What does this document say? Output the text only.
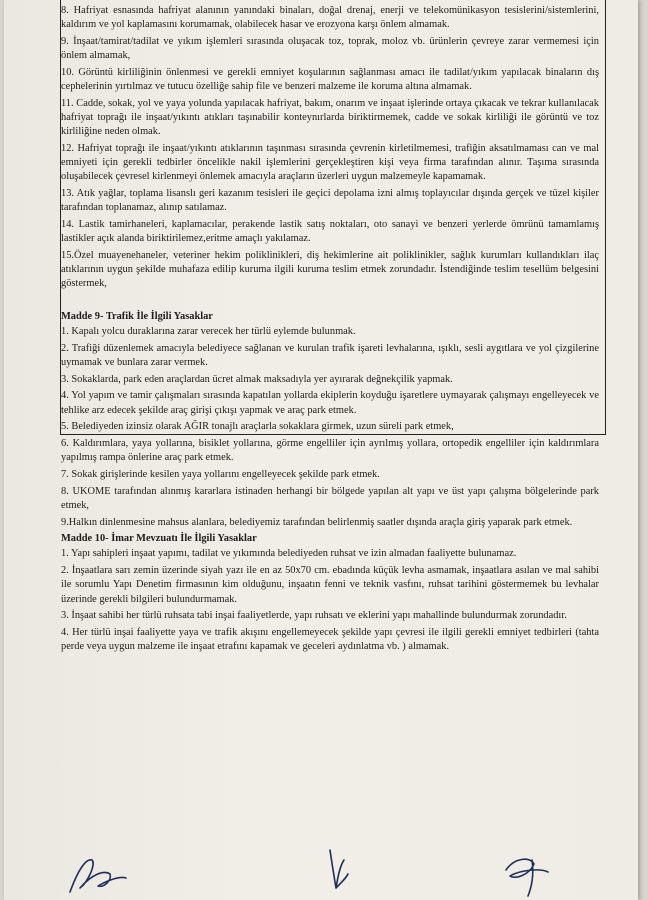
8. Hafriyat esnasında hafriyat alanının yanındaki binaları, doğal drenaj, enerji ve telekomünikasyon tesislerini/sistemlerini, kaldırım ve yol kaplamasını korumamak, olabilecek hasar ve erozyona karşı önlem almamak.
9. İnşaat/tamirat/tadilat ve yıkım işlemleri sırasında oluşacak toz, toprak, moloz vb. ürünlerin çevreye zarar vermemesi için önlem almamak,
10. Görüntü kirliliğinin önlenmesi ve gerekli emniyet koşularının sağlanması amacı ile tadilat/yıkım yapılacak binaların dış cephelerinin yırtılmaz ve tutucu özelliğe sahip file ve benzeri malzeme ile koruma altına almamak.
11. Cadde, sokak, yol ve yaya yolunda yapılacak hafriyat, bakım, onarım ve inşaat işlerinde ortaya çıkacak ve tekrar kullanılacak hafriyat toprağı ile inşaat/yıkıntı atıkları taşınabilir konteynırlarda biriktirmemek, cadde ve sokak kirliliği ile görüntü ve toz kirliliğine neden olmak.
12. Hafriyat toprağı ile inşaat/yıkıntı atıklarının taşınması sırasında çevrenin kirletilmemesi, trafiğin aksatılmaması can ve mal emniyeti için gerekli tedbirler öncelikle nakil işlemlerini gerçekleştiren kişi veya firma tarafından alınır. Taşıma sırasında oluşabilecek çevresel kirlenmeyi önlemek amacıyla araçların üzerleri uygun malzemeyle kapamamak.
13. Atık yağlar, toplama lisanslı geri kazanım tesisleri ile geçici depolama izni almış toplayıcılar dışında gerçek ve tüzel kişiler tarafından toplanamaz, alınıp satılamaz.
14. Lastik tamirhaneleri, kaplamacılar, perakende lastik satış noktaları, oto sanayi ve benzeri yerlerde ömrünü tamamlamış lastikler açık alanda biriktirilemez,eritme amaçlı yakılamaz.
15.Özel muayenehaneler, veteriner hekim poliklinikleri, diş hekimlerine ait poliklinikler, sağlık kurumları kullandıkları ilaç atıklarının uygun şekilde muhafaza edilip kuruma ilgili kuruma teslim etmek zorundadır. İstendiğinde teslim tesellüm belgesini göstermek,
Madde 9- Trafik İle İlgili Yasaklar
1. Kapalı yolcu duraklarına zarar verecek her türlü eylemde bulunmak.
2. Trafiği düzenlemek amacıyla belediyece sağlanan ve kurulan trafik işareti levhalarına, ışıklı, sesli aygıtlara ve yol çizgilerine uymamak ve bunlara zarar vermek.
3. Sokaklarda, park eden araçlardan ücret almak maksadıyla yer ayırarak değnekçilik yapmak.
4. Yol yapım ve tamir çalışmaları sırasında kapatılan yollarda ekiplerin koyduğu işaretlere uymayarak çalışmayı engelleyecek ve tehlike arz edecek şekilde araç girişi çıkışı yapmak ve araç park etmek.
5. Belediyeden izinsiz olarak AĞIR tonajlı araçlarla sokaklara girmek, uzun süreli park etmek,
6. Kaldırımlara, yaya yollarına, bisiklet yollarına, görme engelliler için ayrılmış yollara, ortopedik engelliler için kaldırımlara yapılmış rampa önlerine araç park etmek.
7. Sokak girişlerinde kesilen yaya yollarını engelleyecek şekilde park etmek.
8. UKOME tarafından alınmış kararlara istinaden herhangi bir bölgede yapılan alt yapı ve üst yapı çalışma bölgelerinde park etmek,
9.Halkın dinlenmesine mahsus alanlara, belediyemiz tarafından belirlenmiş saatler dışında araçla giriş yaparak park etmek.
Madde 10- İmar Mevzuatı İle İlgili Yasaklar
1. Yapı sahipleri inşaat yapımı, tadilat ve yıkımında belediyeden ruhsat ve izin almadan faaliyette bulunamaz.
2. İnşaatlara sarı zemin üzerinde siyah yazı ile en az 50x70 cm. ebadında küçük levha asmamak, inşaatlara asılan ve mal sahibi ile sorumlu Yapı Denetim firmasının kim olduğunu, inşaatın fenni ve teknik vasfını, ruhsat tarihini göstermemek bu levhalar üzerinde gerekli bilgileri bulundurmamak.
3. İnşaat sahibi her türlü ruhsata tabi inşai faaliyetlerde, yapı ruhsatı ve eklerini yapı mahallinde bulundurmak zorundadır.
4. Her türlü inşai faaliyette yaya ve trafik akışını engellemeyecek şekilde yapı çevresi ile ilgili gerekli emniyet tedbirleri (tahta perde veya uygun malzeme ile inşaat etrafını kapamak ve geceleri aydınlatma vb. ) almamak.
